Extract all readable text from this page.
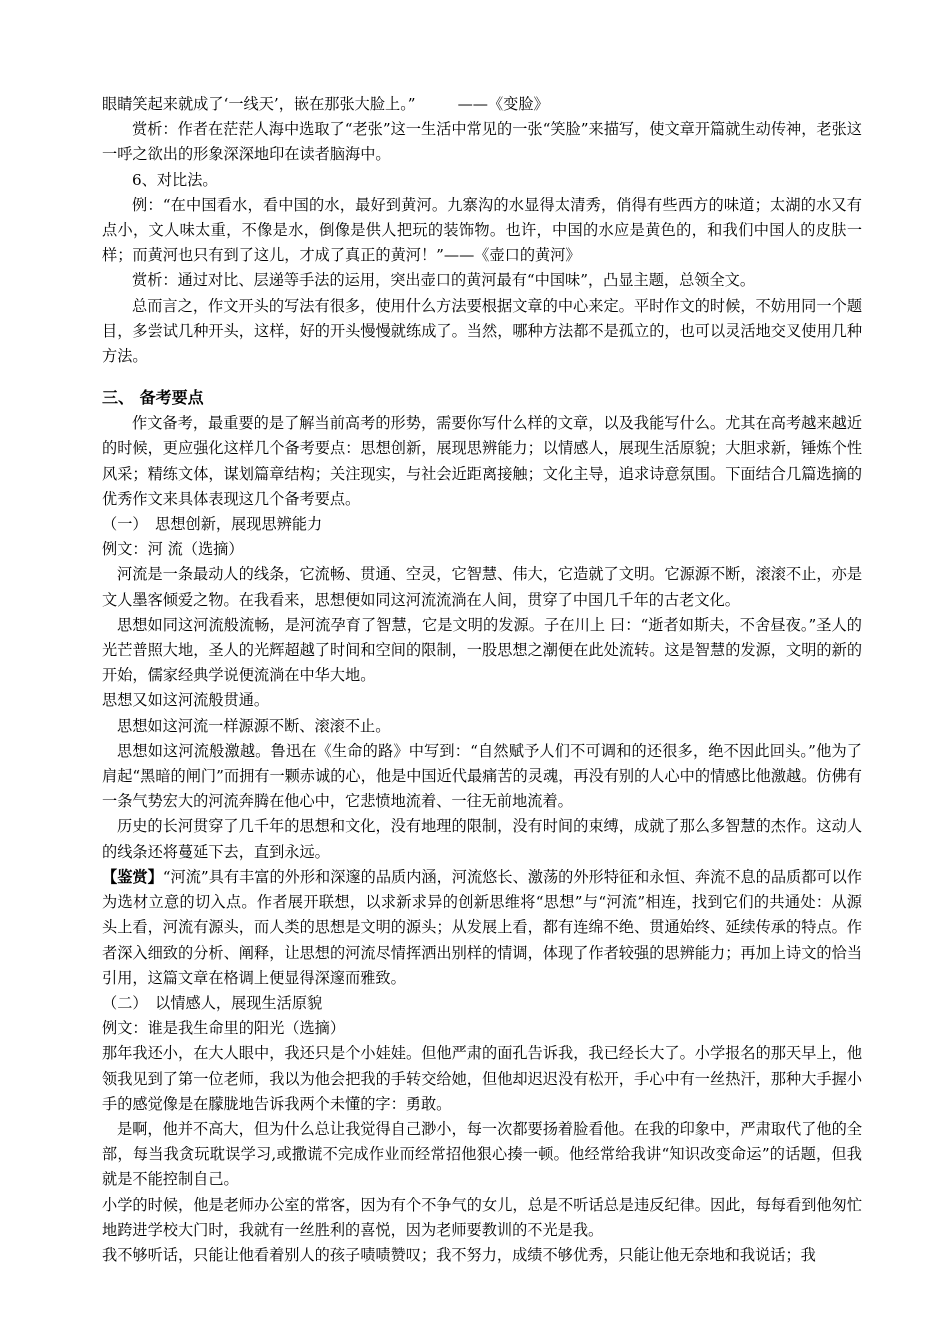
眼睛笑起来就成了‘一线天’，嵌在那张大脸上。”	——《变脸》

赏析：作者在茫茫人海中选取了“老张”这一生活中常见的一张“笑脸”来描写，使文章开篇就生动传神，老张这一呼之欲出的形象深深地印在读者脑海中。

6、对比法。

例：“在中国看水，看中国的水，最好到黄河。九寨沟的水显得太清秀，俏得有些西方的味道；太湖的水又有点小，文人味太重，不像是水，倒像是供人把玩的装饰物。也许，中国的水应是黄色的，和我们中国人的皮肤一样；而黄河也只有到了这儿，才成了真正的黄河！”——《壶口的黄河》

赏析：通过对比、层递等手法的运用，突出壶口的黄河最有“中国味”，凸显主题，总领全文。

总而言之，作文开头的写法有很多，使用什么方法要根据文章的中心来定。平时作文的时候，不妨用同一个题目，多尝试几种开头，这样，好的开头慢慢就练成了。当然，哪种方法都不是孤立的，也可以灵活地交叉使用几种方法。

三、 备考要点

作文备考，最重要的是了解当前高考的形势，需要你写什么样的文章，以及我能写什么。尤其在高考越来越近的时候，更应强化这样几个备考要点：思想创新，展现思辨能力；以情感人，展现生活原貌；大胆求新，锤炼个性风采；精练文体，谋划篇章结构；关注现实，与社会近距离接触；文化主导，追求诗意氛围。下面结合几篇选摘的优秀作文来具体表现这几个备考要点。

（一）　思想创新，展现思辨能力

例文：河 流（选摘）

河流是一条最动人的线条，它流畅、贯通、空灵，它智慧、伟大，它造就了文明。它源源不断，滚滚不止，亦是文人墨客倾爱之物。在我看来，思想便如同这河流流淌在人间，贯穿了中国几千年的古老文化。

思想如同这河流般流畅，是河流孕育了智慧，它是文明的发源。子在川上 曰：“逝者如斯夫，不舍昼夜。”圣人的光芒普照大地，圣人的光辉超越了时间和空间的限制，一股思想之潮便在此处流转。这是智慧的发源，文明的新的开始，儒家经典学说便流淌在中华大地。

思想又如这河流般贯通。

思想如这河流一样源源不断、滚滚不止。

思想如这河流般激越。鲁迅在《生命的路》中写到：“自然赋予人们不可调和的还很多，绝不因此回头。”他为了肩起“黑暗的闸门”而拥有一颗赤诚的心，他是中国近代最痛苦的灵魂，再没有别的人心中的情感比他激越。仿佛有一条气势宏大的河流奔腾在他心中，它悲愤地流着、一往无前地流着。

历史的长河贯穿了几千年的思想和文化，没有地理的限制，没有时间的束缚，成就了那么多智慧的杰作。这动人的线条还将蔓延下去，直到永远。

【鉴赏】“河流”具有丰富的外形和深邃的品质内涵，河流悠长、激荡的外形特征和永恒、奔流不息的品质都可以作为选材立意的切入点。作者展开联想，以求新求异的创新思维将“思想”与“河流”相连，找到它们的共通处：从源头上看，河流有源头，而人类的思想是文明的源头；从发展上看，都有连绵不绝、贯通始终、延续传承的特点。作者深入细致的分析、阐释，让思想的河流尽情挥洒出别样的情调，体现了作者较强的思辨能力；再加上诗文的恰当引用，这篇文章在格调上便显得深邃而雅致。

（二）　以情感人，展现生活原貌

例文：谁是我生命里的阳光（选摘）

那年我还小，在大人眼中，我还只是个小娃娃。但他严肃的面孔告诉我，我已经长大了。小学报名的那天早上，他领我见到了第一位老师，我以为他会把我的手转交给她，但他却迟迟没有松开，手心中有一丝热汗，那种大手握小手的感觉像是在朦胧地告诉我两个未懂的字：勇敢。

是啊，他并不高大，但为什么总让我觉得自己渺小，每一次都要扬着脸看他。在我的印象中，严肃取代了他的全部，每当我贪玩耽误学习,或撒谎不完成作业而经常招他狠心揍一顿。他经常给我讲“知识改变命运”的话题，但我就是不能控制自己。

小学的时候，他是老师办公室的常客，因为有个不争气的女儿，总是不听话总是违反纪律。因此，每每看到他匆忙地跨进学校大门时，我就有一丝胜利的喜悦，因为老师要教训的不光是我。

我不够听话，只能让他看着别人的孩子啧啧赞叹；我不努力，成绩不够优秀，只能让他无奈地和我说话；我
